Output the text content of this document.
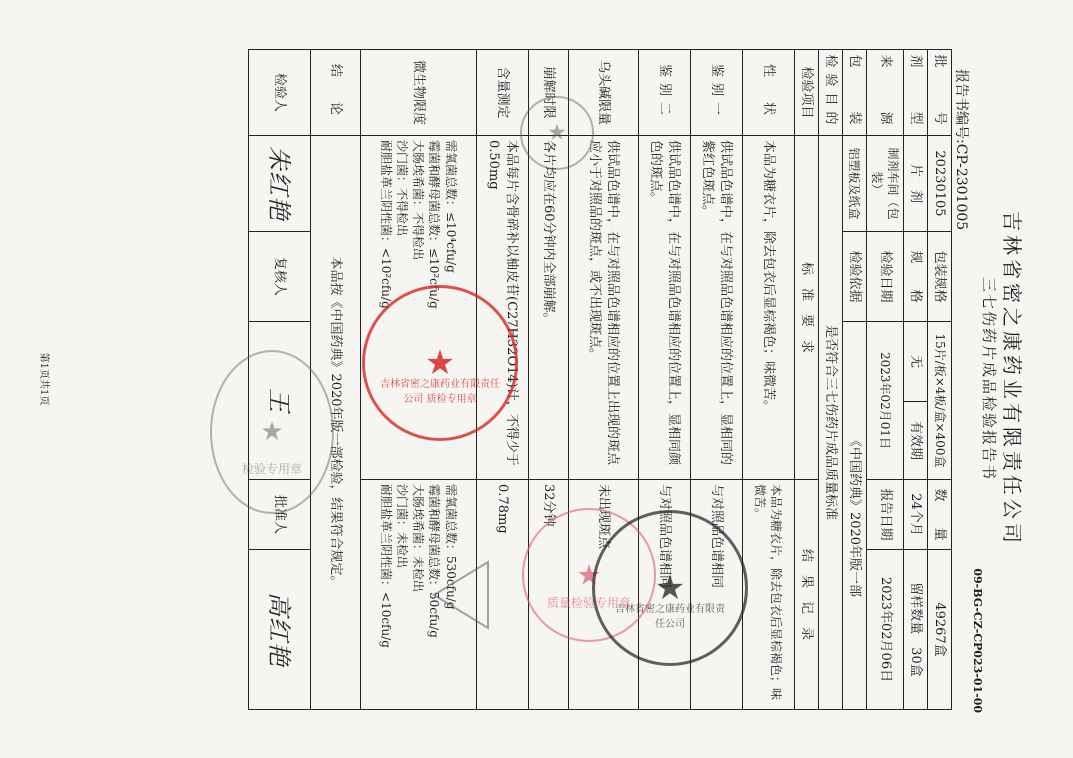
吉林省密之康药业有限责任公司
三七伤药片成品检验报告书
09-BG-CZ-CP023-01-00
报告书编号:CP-2301005
批　　号	20230105	包装规格	15片/板×4板/盒×400盒		数　　量	49267盒
剂　　型	片　剂	规　　格	无	有效期	24个月	留样数量　30盒
来　　源	制剂车间（包装）	检验日期	2023年02月01日		报告日期	2023年02月06日
包　　装	铝塑板及纸盒	检验依据	《中国药典》2020年版一部			
检验目的	是否符合三七伤药片成品质量标准					
检验项目	标　准　要　求				结　果　记　录	
性　状	本品为糖衣片，除去包衣后显棕褐色；味微苦。				本品为糖衣片，除去包衣后显棕褐色；味微苦。	
鉴别一	供试品色谱中，在与对照品色谱相应的位置上，显相同的紫红色斑点。				与对照品色谱相同	
鉴别二	供试品色谱中，在与对照品色谱相应的位置上，显相同颜色的斑点。				与对照品色谱相同	
乌头碱限量	供试品色谱中，在与对照品色谱相应的位置上出现的斑点应小于对照品的斑点，或不出现斑点。				未出现斑点	
崩解时限	各片均应在60分钟内全部崩解。				32分钟	
含量测定	本品每片含骨碎补以柚皮苷(C27H32O14)计，不得少于0.50mg				0.78mg	
微生物限度	需氧菌总数：≤10⁴cfu/g
霉菌和酵母菌总数：≤10²cfu/g
大肠埃希菌：不得检出
沙门菌：不得检出
耐胆盐革兰阴性菌：<10²cfu/g				需氧菌总数：530cfu/g
霉菌和酵母菌总数：50cfu/g
大肠埃希菌：未检出
沙门菌：未检出
耐胆盐革兰阴性菌：<10cfu/g	
结　论	本品按《中国药典》2020年版一部检验，结果符合规定。					
检验人	朱红艳	复核人	王		批准人	高红艳
第1页共1页
★
★
吉林省密之康药业有限责任公司 质检专用章
★
检验专用章
★
质量检验专用章 ★
吉林省密之康药业有限责任公司
